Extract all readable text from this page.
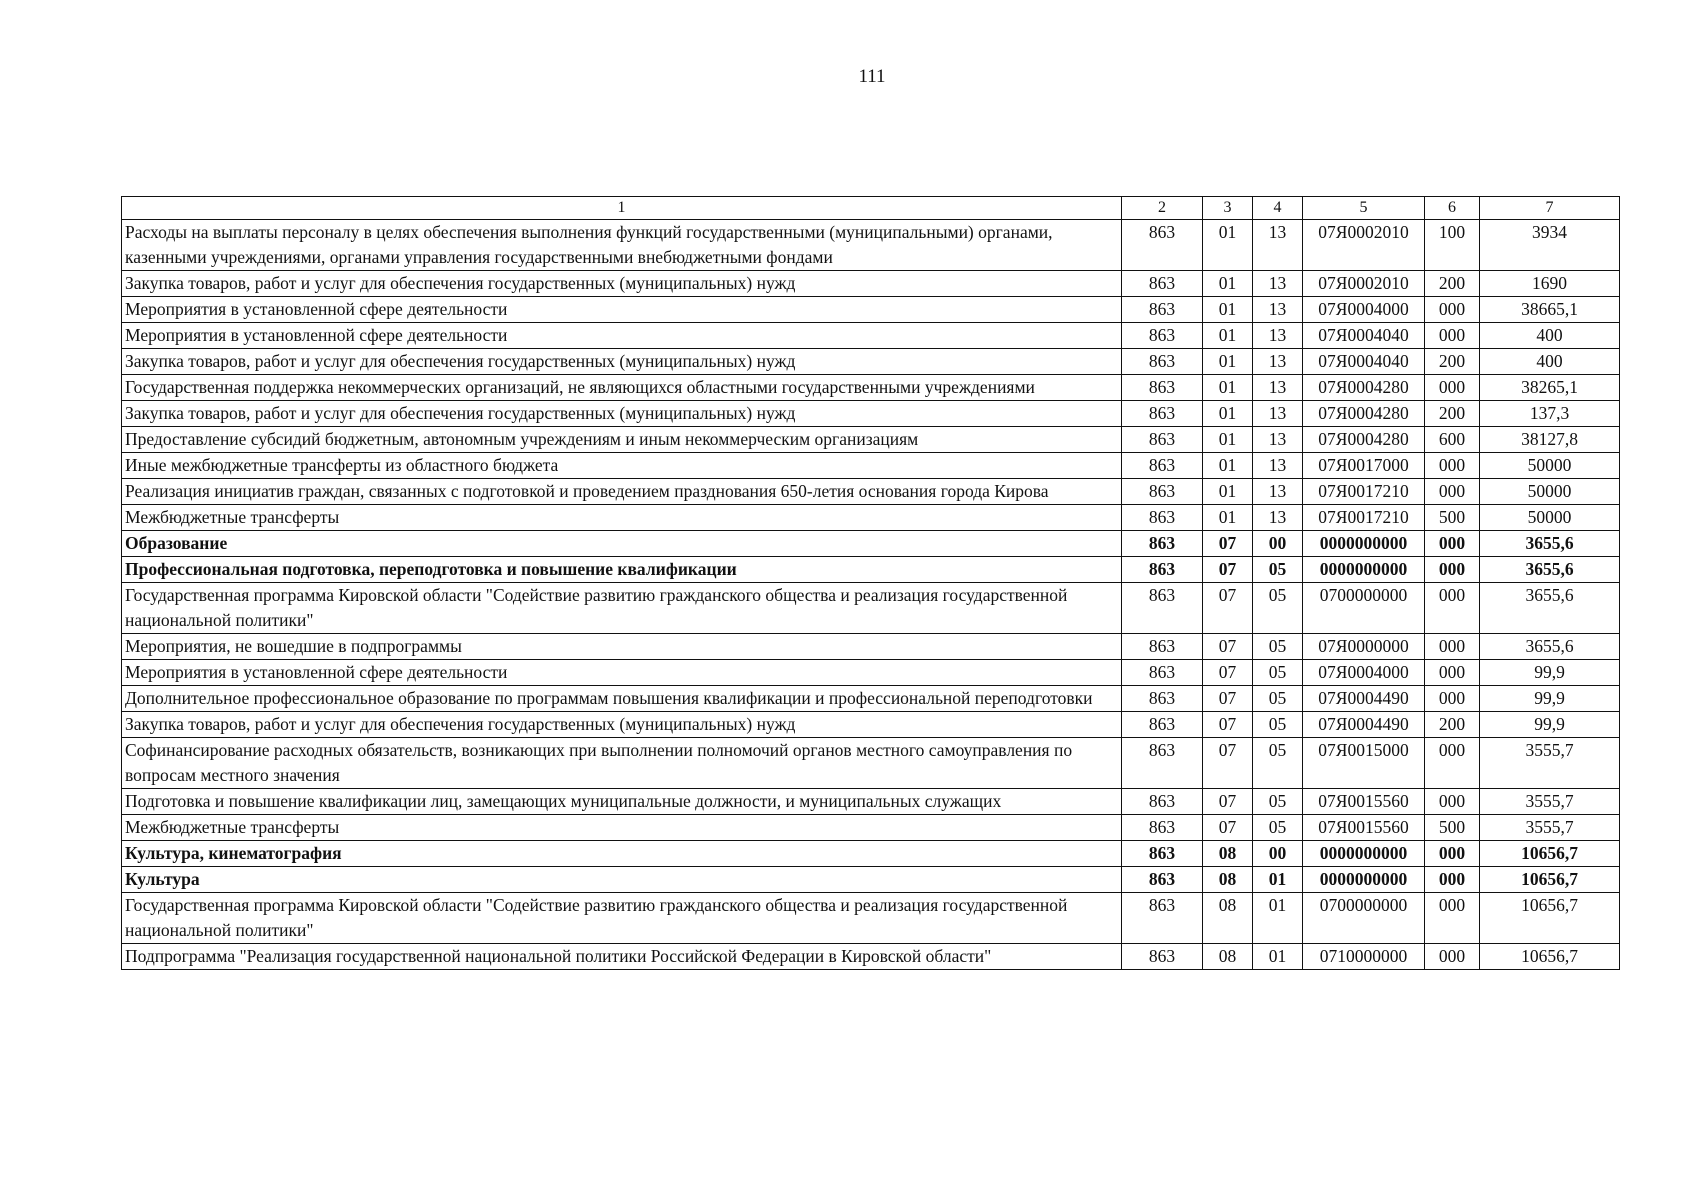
111
1	2	3	4	5	6	7
Расходы на выплаты персоналу в целях обеспечения выполнения функций государственными (муниципальными) органами, казенными учреждениями, органами управления государственными внебюджетными фондами	863	01	13	07Я0002010	100	3934
Закупка товаров, работ и услуг для обеспечения государственных (муниципальных) нужд	863	01	13	07Я0002010	200	1690
Мероприятия в установленной сфере деятельности	863	01	13	07Я0004000	000	38665,1
Мероприятия в установленной сфере деятельности	863	01	13	07Я0004040	000	400
Закупка товаров, работ и услуг для обеспечения государственных (муниципальных) нужд	863	01	13	07Я0004040	200	400
Государственная поддержка некоммерческих организаций, не являющихся областными государственными учреждениями	863	01	13	07Я0004280	000	38265,1
Закупка товаров, работ и услуг для обеспечения государственных (муниципальных) нужд	863	01	13	07Я0004280	200	137,3
Предоставление субсидий бюджетным, автономным учреждениям и иным некоммерческим организациям	863	01	13	07Я0004280	600	38127,8
Иные межбюджетные трансферты из областного бюджета	863	01	13	07Я0017000	000	50000
Реализация инициатив граждан, связанных с подготовкой и проведением празднования 650-летия основания города Кирова	863	01	13	07Я0017210	000	50000
Межбюджетные трансферты	863	01	13	07Я0017210	500	50000
Образование	863	07	00	0000000000	000	3655,6
Профессиональная подготовка, переподготовка и повышение квалификации	863	07	05	0000000000	000	3655,6
Государственная программа Кировской области "Содействие развитию гражданского общества и реализация государственной национальной политики"	863	07	05	0700000000	000	3655,6
Мероприятия, не вошедшие в подпрограммы	863	07	05	07Я0000000	000	3655,6
Мероприятия в установленной сфере деятельности	863	07	05	07Я0004000	000	99,9
Дополнительное профессиональное образование по программам повышения квалификации и профессиональной переподготовки	863	07	05	07Я0004490	000	99,9
Закупка товаров, работ и услуг для обеспечения государственных (муниципальных) нужд	863	07	05	07Я0004490	200	99,9
Софинансирование расходных обязательств, возникающих при выполнении полномочий органов местного самоуправления по вопросам местного значения	863	07	05	07Я0015000	000	3555,7
Подготовка и повышение квалификации лиц, замещающих муниципальные должности, и муниципальных служащих	863	07	05	07Я0015560	000	3555,7
Межбюджетные трансферты	863	07	05	07Я0015560	500	3555,7
Культура, кинематография	863	08	00	0000000000	000	10656,7
Культура	863	08	01	0000000000	000	10656,7
Государственная программа Кировской области "Содействие развитию гражданского общества и реализация государственной национальной политики"	863	08	01	0700000000	000	10656,7
Подпрограмма "Реализация государственной национальной политики Российской Федерации в Кировской области"	863	08	01	0710000000	000	10656,7
